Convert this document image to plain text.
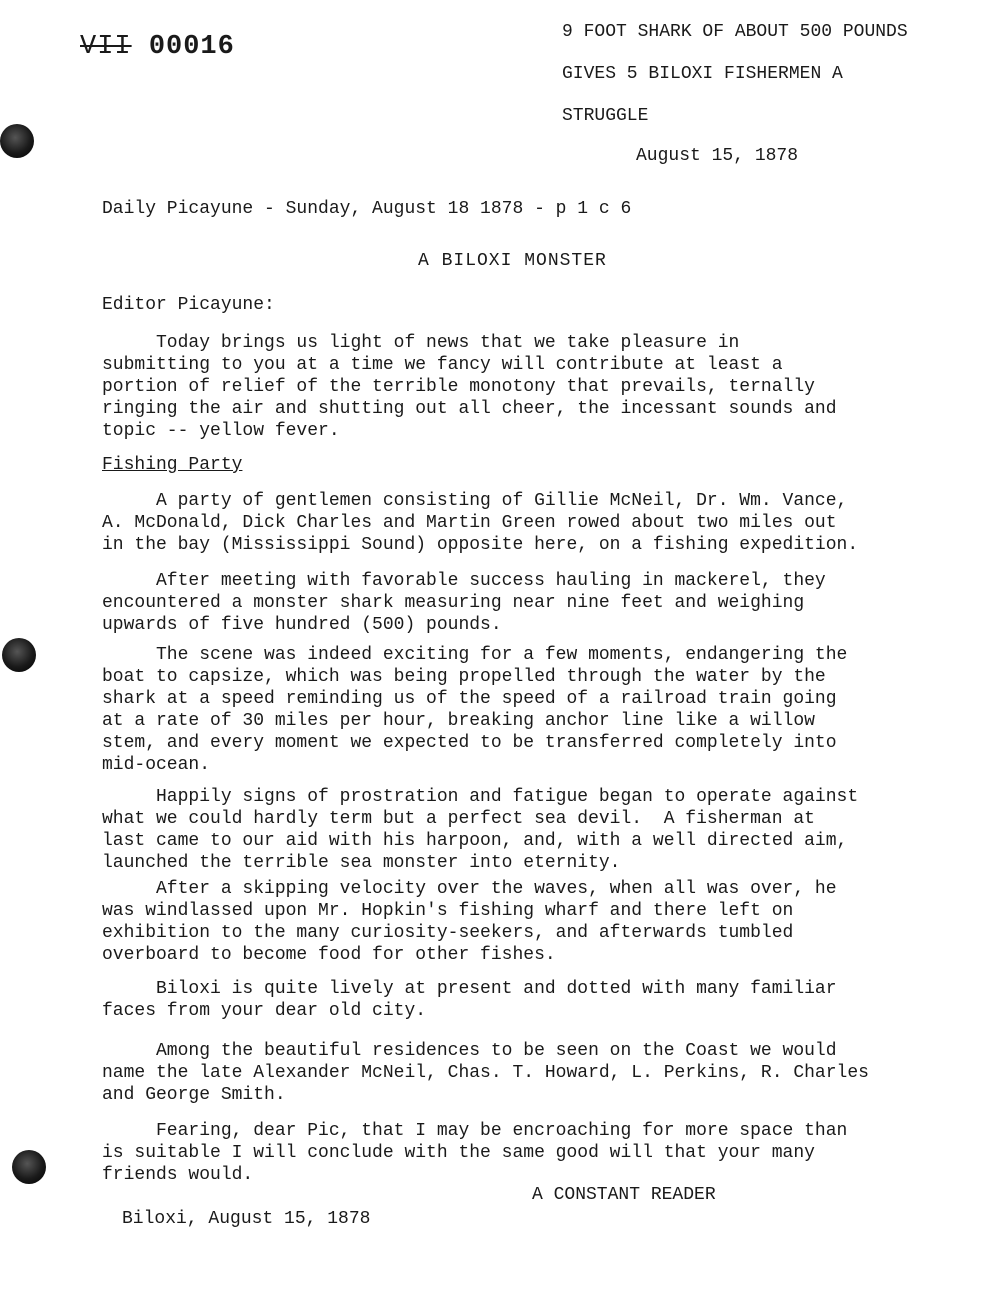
VII 00016	9 FOOT SHARK OF ABOUT 500 POUNDS
GIVES 5 BILOXI FISHERMEN A
STRUGGLE
August 15, 1878
Daily Picayune - Sunday, August 18 1878 - p 1 c 6
A BILOXI MONSTER
Editor Picayune:
Today brings us light of news that we take pleasure in
submitting to you at a time we fancy will contribute at least a
portion of relief of the terrible monotony that prevails, ternally
ringing the air and shutting out all cheer, the incessant sounds and
topic -- yellow fever.
Fishing Party
A party of gentlemen consisting of Gillie McNeil, Dr. Wm. Vance,
A. McDonald, Dick Charles and Martin Green rowed about two miles out
in the bay (Mississippi Sound) opposite here, on a fishing expedition.
After meeting with favorable success hauling in mackerel, they
encountered a monster shark measuring near nine feet and weighing
upwards of five hundred (500) pounds.
The scene was indeed exciting for a few moments, endangering the
boat to capsize, which was being propelled through the water by the
shark at a speed reminding us of the speed of a railroad train going
at a rate of 30 miles per hour, breaking anchor line like a willow
stem, and every moment we expected to be transferred completely into
mid-ocean.
Happily signs of prostration and fatigue began to operate against
what we could hardly term but a perfect sea devil.  A fisherman at
last came to our aid with his harpoon, and, with a well directed aim,
launched the terrible sea monster into eternity.
After a skipping velocity over the waves, when all was over, he
was windlassed upon Mr. Hopkin's fishing wharf and there left on
exhibition to the many curiosity-seekers, and afterwards tumbled
overboard to become food for other fishes.
Biloxi is quite lively at present and dotted with many familiar
faces from your dear old city.
Among the beautiful residences to be seen on the Coast we would
name the late Alexander McNeil, Chas. T. Howard, L. Perkins, R. Charles
and George Smith.
Fearing, dear Pic, that I may be encroaching for more space than
is suitable I will conclude with the same good will that your many
friends would.
A CONSTANT READER
Biloxi, August 15, 1878
